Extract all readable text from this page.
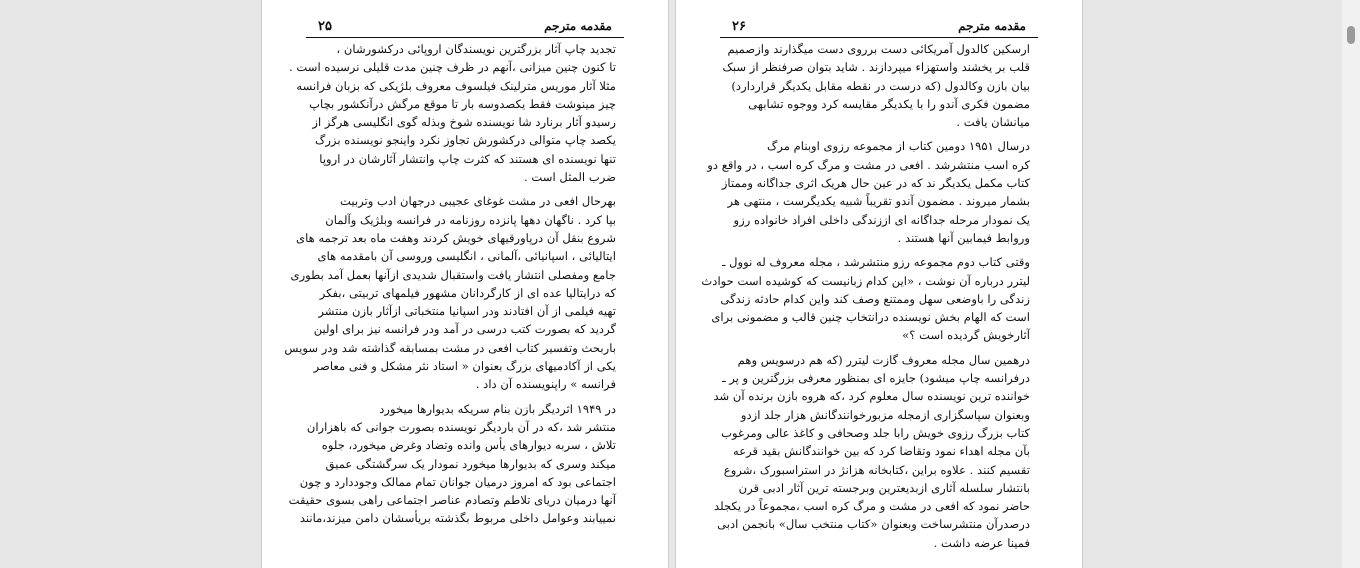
مقدمه مترجم
۲۵

تجدید چاپ آثار بزرگترین نویسندگان اروپائی درکشورشان ،
تا کنون چنین میزانی ،آنهم در ظرف چنین مدت قلیلی نرسیده است .
مثلا آثار موریس مترلینک فیلسوف معروف بلژیکی که بزبان فرانسه
چیز مینوشت فقط یکصدوسه بار تا موقع مرگش درآنکشور بچاپ
رسیدو آثار برنارد شا نویسنده شوخ وبذله گوی انگلیسی هرگز از
یکصد چاپ متوالی درکشورش تجاوز نکرد واینجو نویسنده بزرگ
تنها نویسنده ای هستند که کثرت چاپ وانتشار آثارشان در اروپا
ضرب المثل است .

بهرحال افعی در مشت غوغای عجیبی درجهان ادب وتربیت
بپا کرد . ناگهان دهها پانزده روزنامه در فرانسه وبلژیک وآلمان
شروع بنقل آن درپاورقیهای خویش کردند وهفت ماه بعد ترجمه های
ایتالیائی ، اسپانیائی ،آلمانی ، انگلیسی وروسی آن بامقدمه های
جامع ومفصلی انتشار یافت واستقبال شدیدی ازآنها بعمل آمد بطوری
که درایتالیا عده ای از کارگردانان مشهور فیلمهای تربیتی ،بفکر
تهیه فیلمی از آن افتادند ودر اسپانیا منتخباتی ازآثار بازن منتشر
گردید که بصورت کتب درسی در آمد ودر فرانسه نیز برای اولین
باربحث وتفسیر کتاب افعی در مشت بمسابقه گذاشته شد ودر سویس
یکی از آکادمیهای بزرگ بعنوان « استاد نثر مشکل و فنی معاصر
فرانسه » راپنویسنده آن داد .

در ۱۹۴۹ اثردیگر بازن بنام سریکه بدیوارها میخورد
منتشر شد ،که در آن باردیگر نویسنده بصورت جوانی که باهزاران
تلاش ، سربه دیوارهای یأس وانده وتضاد وغرض میخورد، جلوه
میکند وسری که بدیوارها میخورد نمودار یک سرگشتگی عمیق
اجتماعی بود که امروز درمیان جوانان تمام ممالک وجوددارد و چون
آنها درمیان دریای تلاطم وتصادم عناصر اجتماعی راهی بسوی حقیقت
نمییابند وعوامل داخلی مربوط بگذشته بریأسشان دامن میزند،مانند

مقدمه مترجم
۲۶

ارسکین کالدول آمریکائی دست برروی دست میگذارند وازصمیم
قلب بر یخشند واستهزاء میپردازند . شاید بتوان صرفنظر از سبک
بیان بازن وکالدول (که درست در نقطه مقابل یکدیگر قراردارد)
مضمون فکری آندو را با یکدیگر مقایسه کرد ووجوه تشابهی
میانشان یافت .

درسال ۱۹۵۱ دومین کتاب از مجموعه رزوی اوبنام مرگ
کره اسب منتشرشد . افعی در مشت و مرگ کره اسب ، در واقع دو
کتاب مکمل یکدیگر ند که در عین حال هریک اثری جداگانه وممتاز
بشمار میروند . مضمون آندو تقریباً شبیه یکدیگرست ، منتهی هر
یک نمودار مرحله جداگانه ای اززندگی داخلی افراد خانواده رزو
وروابط فیمابین آنها هستند .

وقتی کتاب دوم مجموعه رزو منتشرشد ، مجله معروف له نوول ـ
ليترر درباره آن نوشت ، «این کدام زبانیست که کوشیده است حوادث
زندگی را باوضعی سهل وممتنع وصف کند واین کدام حادثه زندگی
است که الهام بخش نویسنده درانتخاب چنین قالب و مضمونی برای
آثارخویش گردیده است ؟»

درهمین سال مجله معروف گازت لیترر (که هم درسویس وهم
درفرانسه چاپ میشود) جایزه ای بمنظور معرفی بزرگترین و پر ـ
خواننده ترین نویسنده سال معلوم کرد ،که هروه بازن برنده آن شد
وبعنوان سپاسگزاری ازمجله مزبورخوانندگانش هزار جلد ازدو
کتاب بزرگ رزوی خویش رابا جلد وصحافی و کاغذ عالی ومرغوب
بآن مجله اهداء نمود وتقاضا کرد که بین خوانندگانش بقید قرعه
تقسیم کنند . علاوه براین ،کتابخانه هزانژ در استراسبورک ،شروع
بانتشار سلسله آثاری ازبدیعترین وبرجسته ترین آثار ادبی قرن
حاضر نمود که افعی در مشت و مرگ کره اسب ،مجموعاً در یکجلد
درصدرآن منتشرساخت وبعنوان «کتاب منتخب سال» بانجمن ادبی
فمینا عرضه داشت .
